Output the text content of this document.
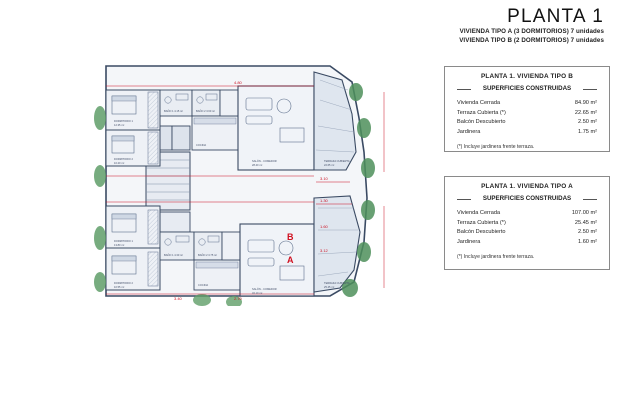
PLANTA 1
VIVIENDA TIPO A (3 DORMITORIOS) 7 unidades
VIVIENDA TIPO B (2 DORMITORIOS) 7 unidades
3.10
1.30
3.12
4.80
2.70
1.60
3.40
DORMITORIO 1
12.35 m²
DORMITORIO 2
10.20 m²
BAÑO 1 4.15 m²	BAÑO 2 3.60 m²
COCINA
SALÓN - COMEDOR
28.40 m²
TERRAZA CUBIERTA
22.65 m²
DORMITORIO 1
13.80 m²
DORMITORIO 2
10.55 m²
BAÑO 1 4.30 m²	BAÑO 2 3.75 m²
COCINA
SALÓN - COMEDOR
32.10 m²
TERRAZA CUBIERTA
25.45 m²
B
A
PLANTA 1. VIVIENDA TIPO B
SUPERFICIES CONSTRUIDAS
Vivienda Cerrada	84.90 m²
Terraza Cubierta (*)	22.65 m²
Balcón Descubierto	2.50 m²
Jardinera	1.75 m²
(*) Incluye jardinera frente terraza.
PLANTA 1. VIVIENDA TIPO A
SUPERFICIES CONSTRUIDAS
Vivienda Cerrada	107.00 m²
Terraza Cubierta (*)	25.45 m²
Balcón Descubierto	2.50 m²
Jardinera	1.60 m²
(*) Incluye jardinera frente terraza.
